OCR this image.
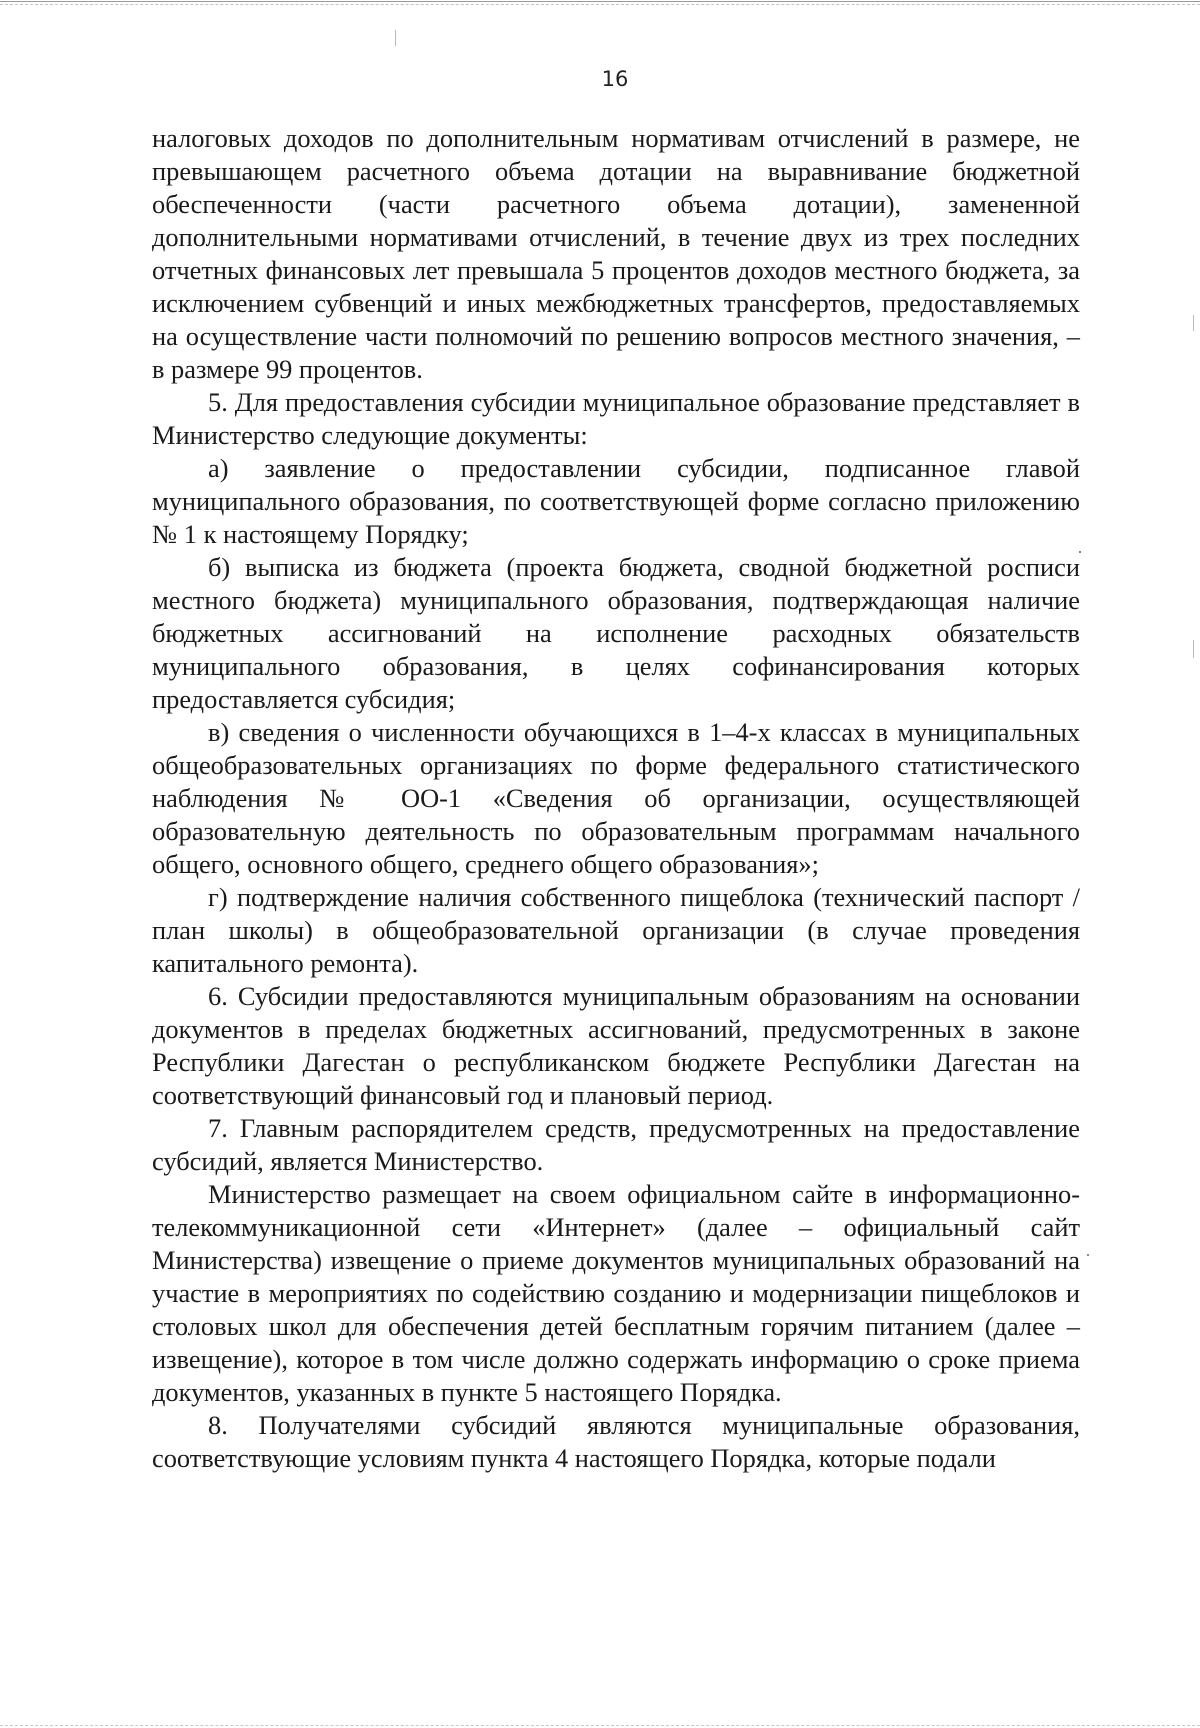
16

налоговых доходов по дополнительным нормативам отчислений в размере, не превышающем расчетного объема дотации на выравнивание бюджетной обеспеченности (части расчетного объема дотации), замененной дополнительными нормативами отчислений, в течение двух из трех последних отчетных финансовых лет превышала 5 процентов доходов местного бюджета, за исключением субвенций и иных межбюджетных трансфертов, предоставляемых на осуществление части полномочий по решению вопросов местного значения, – в размере 99 процентов.

5. Для предоставления субсидии муниципальное образование представляет в Министерство следующие документы:

а) заявление о предоставлении субсидии, подписанное главой муниципального образования, по соответствующей форме согласно приложению № 1 к настоящему Порядку;

б) выписка из бюджета (проекта бюджета, сводной бюджетной росписи местного бюджета) муниципального образования, подтверждающая наличие бюджетных ассигнований на исполнение расходных обязательств муниципального образования, в целях софинансирования которых предоставляется субсидия;

в) сведения о численности обучающихся в 1–4-х классах в муниципальных общеобразовательных организациях по форме федерального статистического наблюдения № ОО-1 «Сведения об организации, осуществляющей образовательную деятельность по образовательным программам начального общего, основного общего, среднего общего образования»;

г) подтверждение наличия собственного пищеблока (технический паспорт / план школы) в общеобразовательной организации (в случае проведения капитального ремонта).

6. Субсидии предоставляются муниципальным образованиям на основании документов в пределах бюджетных ассигнований, предусмотренных в законе Республики Дагестан о республиканском бюджете Республики Дагестан на соответствующий финансовый год и плановый период.

7. Главным распорядителем средств, предусмотренных на предоставление субсидий, является Министерство.

Министерство размещает на своем официальном сайте в информационно-телекоммуникационной сети «Интернет» (далее – официальный сайт Министерства) извещение о приеме документов муниципальных образований на участие в мероприятиях по содействию созданию и модернизации пищеблоков и столовых школ для обеспечения детей бесплатным горячим питанием (далее – извещение), которое в том числе должно содержать информацию о сроке приема документов, указанных в пункте 5 настоящего Порядка.

8. Получателями субсидий являются муниципальные образования, соответствующие условиям пункта 4 настоящего Порядка, которые подали
